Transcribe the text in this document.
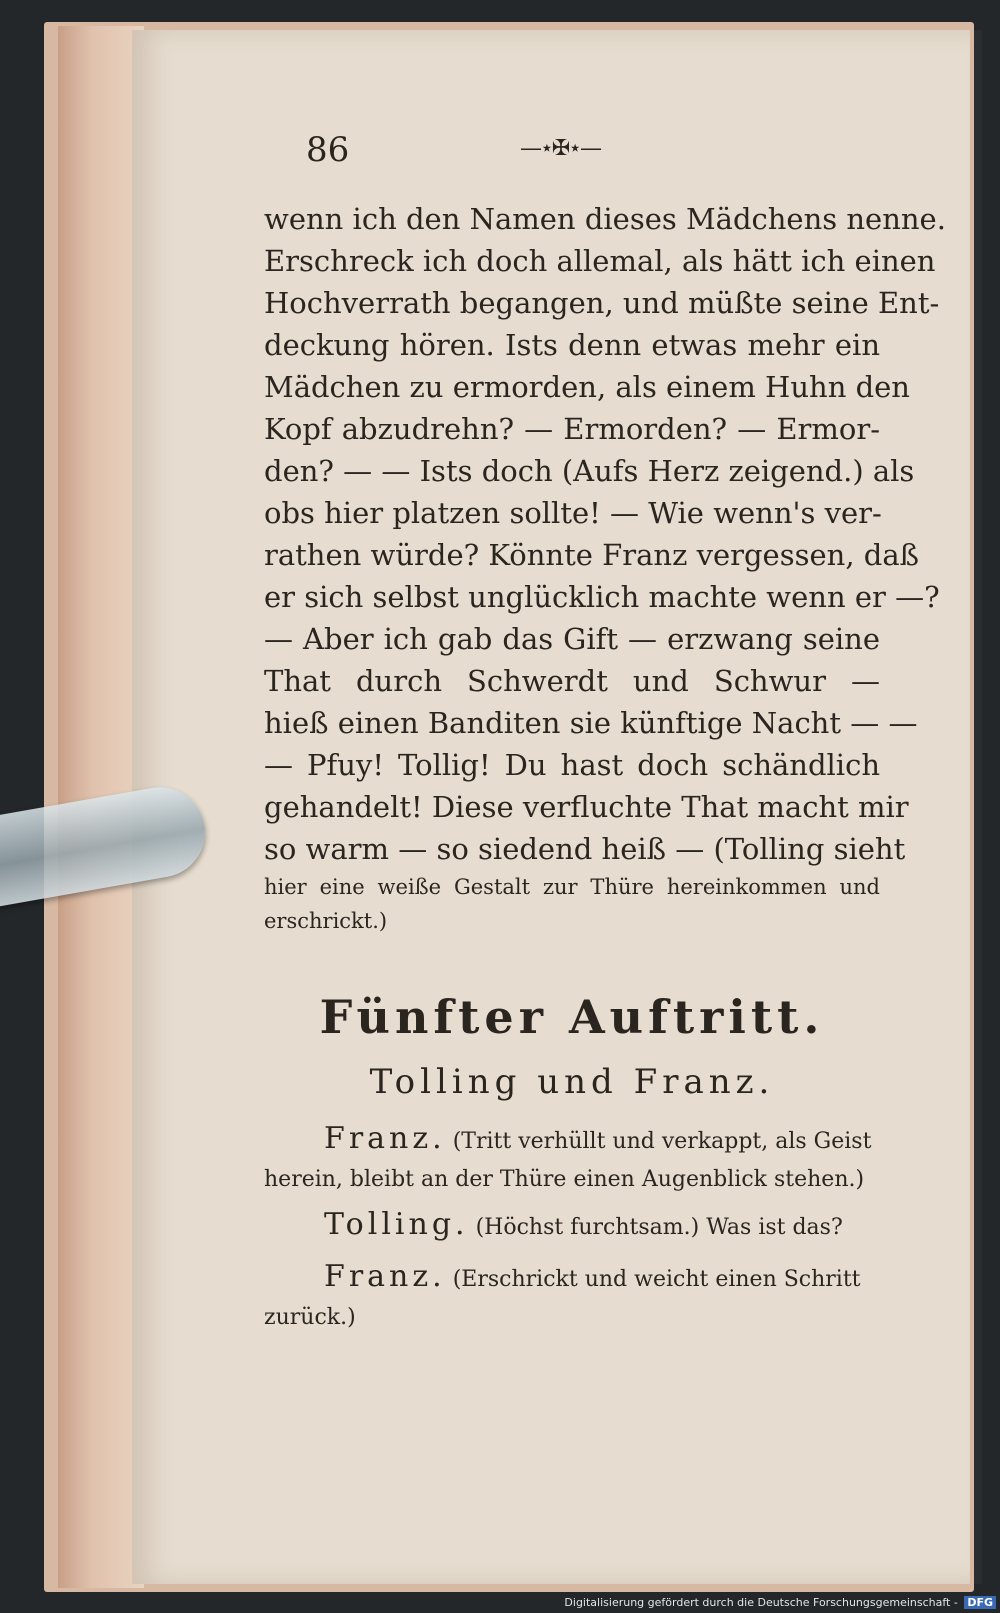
86	—⋆✠⋆—
wenn ich den Namen dieses Mädchens nenne.
Erschreck ich doch allemal, als hätt ich einen
Hochverrath begangen, und müßte seine Ent-
deckung hören. Ists denn etwas mehr ein
Mädchen zu ermorden, als einem Huhn den
Kopf abzudrehn? — Ermorden? — Ermor-
den? — — Ists doch (Aufs Herz zeigend.) als
obs hier platzen sollte! — Wie wenn's ver-
rathen würde? Könnte Franz vergessen, daß
er sich selbst unglücklich machte wenn er —?
— Aber ich gab das Gift — erzwang seine
That durch Schwerdt und Schwur —
hieß einen Banditen sie künftige Nacht — —
— Pfuy! Tollig! Du hast doch schändlich
gehandelt! Diese verfluchte That macht mir
so warm — so siedend heiß — (Tolling sieht
hier eine weiße Gestalt zur Thüre hereinkommen und
erschrickt.)
Fünfter Auftritt.
Tolling und Franz.
Franz. (Tritt verhüllt und verkappt, als Geist
herein, bleibt an der Thüre einen Augenblick stehen.)
Tolling. (Höchst furchtsam.) Was ist das?
Franz. (Erschrickt und weicht einen Schritt
zurück.)
Digitalisierung gefördert durch die Deutsche Forschungsgemeinschaft - DFG
